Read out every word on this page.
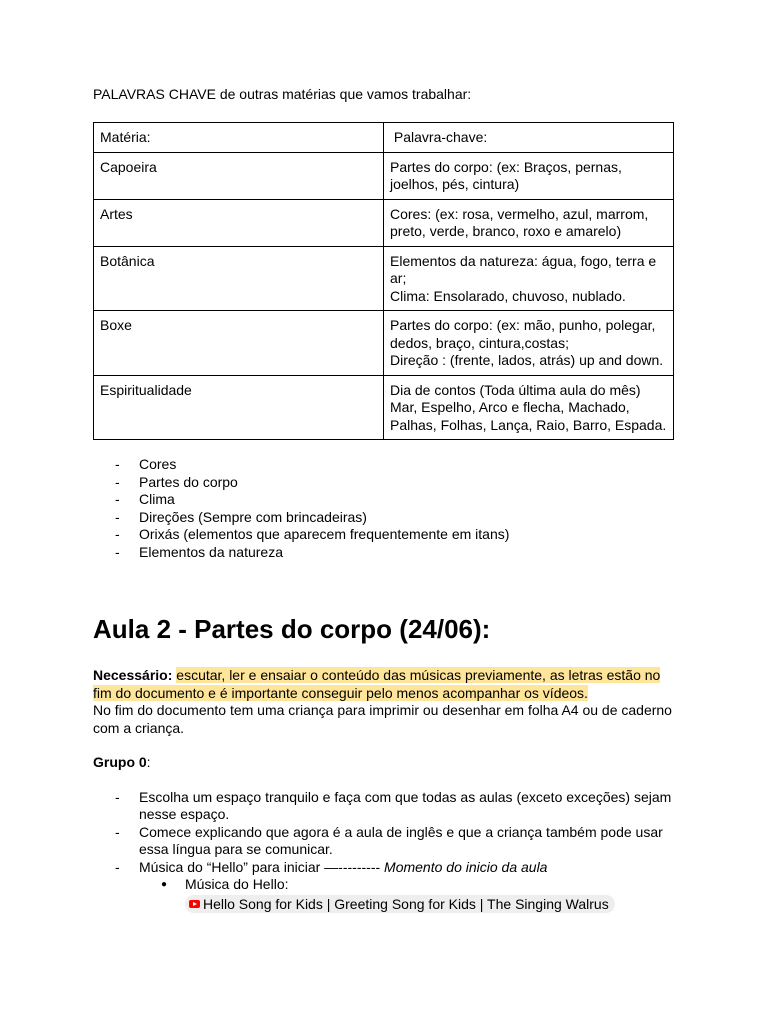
PALAVRAS CHAVE de outras matérias que vamos trabalhar:

Matéria:	Palavra-chave:
Capoeira	Partes do corpo: (ex: Braços, pernas, joelhos, pés, cintura)

Artes	Cores: (ex: rosa, vermelho, azul, marrom, preto, verde, branco, roxo e amarelo)

Botânica	Elementos da natureza: água, fogo, terra e ar;
Clima: Ensolarado, chuvoso, nublado.

Boxe	Partes do corpo: (ex: mão, punho, polegar, dedos, braço, cintura,costas;
Direção : (frente, lados, atrás) up and down.

Espiritualidade	Dia de contos (Toda última aula do mês) Mar, Espelho, Arco e flecha, Machado, Palhas, Folhas, Lança, Raio, Barro, Espada.
- Cores
- Partes do corpo
- Clima
- Direções (Sempre com brincadeiras)
- Orixás (elementos que aparecem frequentemente em itans)
- Elementos da natureza
Aula 2 - Partes do corpo (24/06):
Necessário: escutar, ler e ensaiar o conteúdo das músicas previamente, as letras estão no fim do documento e é importante conseguir pelo menos acompanhar os vídeos.
No fim do documento tem uma criança para imprimir ou desenhar em folha A4 ou de caderno com a criança.
Grupo 0:
- Escolha um espaço tranquilo e faça com que todas as aulas (exceto exceções) sejam nesse espaço.
- Comece explicando que agora é a aula de inglês e que a criança também pode usar essa língua para se comunicar.
- Música do “Hello” para iniciar —--------- Momento do inicio da aula
● Música do Hello:
Hello Song for Kids | Greeting Song for Kids | The Singing Walrus
